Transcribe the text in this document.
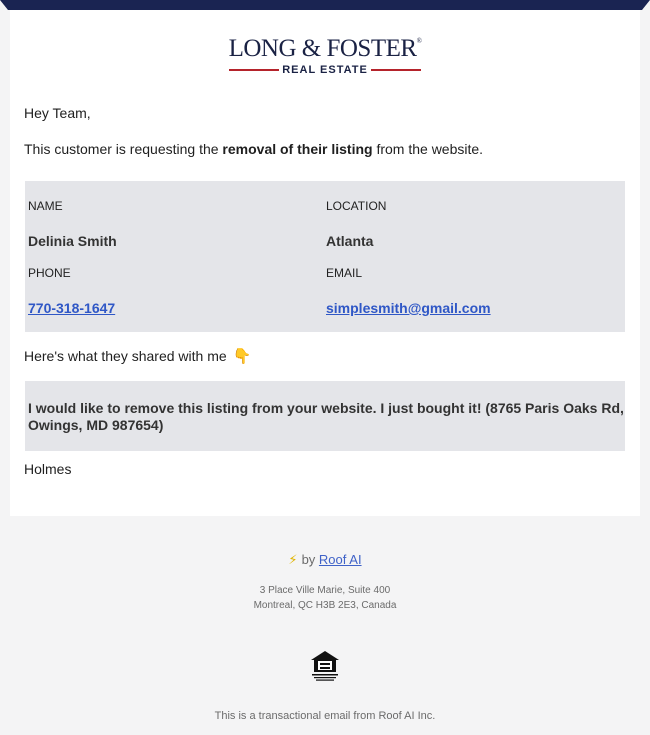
LONG & FOSTER®
REAL ESTATE
Hey Team,
This customer is requesting the removal of their listing from the website.
NAME
Delinia Smith
LOCATION
Atlanta
PHONE
770-318-1647
EMAIL
simplesmith@gmail.com
Here's what they shared with me 👇
I would like to remove this listing from your website. I just bought it! (8765 Paris Oaks Rd, Owings, MD 987654)
Holmes
⚡ by Roof AI
3 Place Ville Marie, Suite 400
Montreal, QC H3B 2E3, Canada
This is a transactional email from Roof AI Inc.
